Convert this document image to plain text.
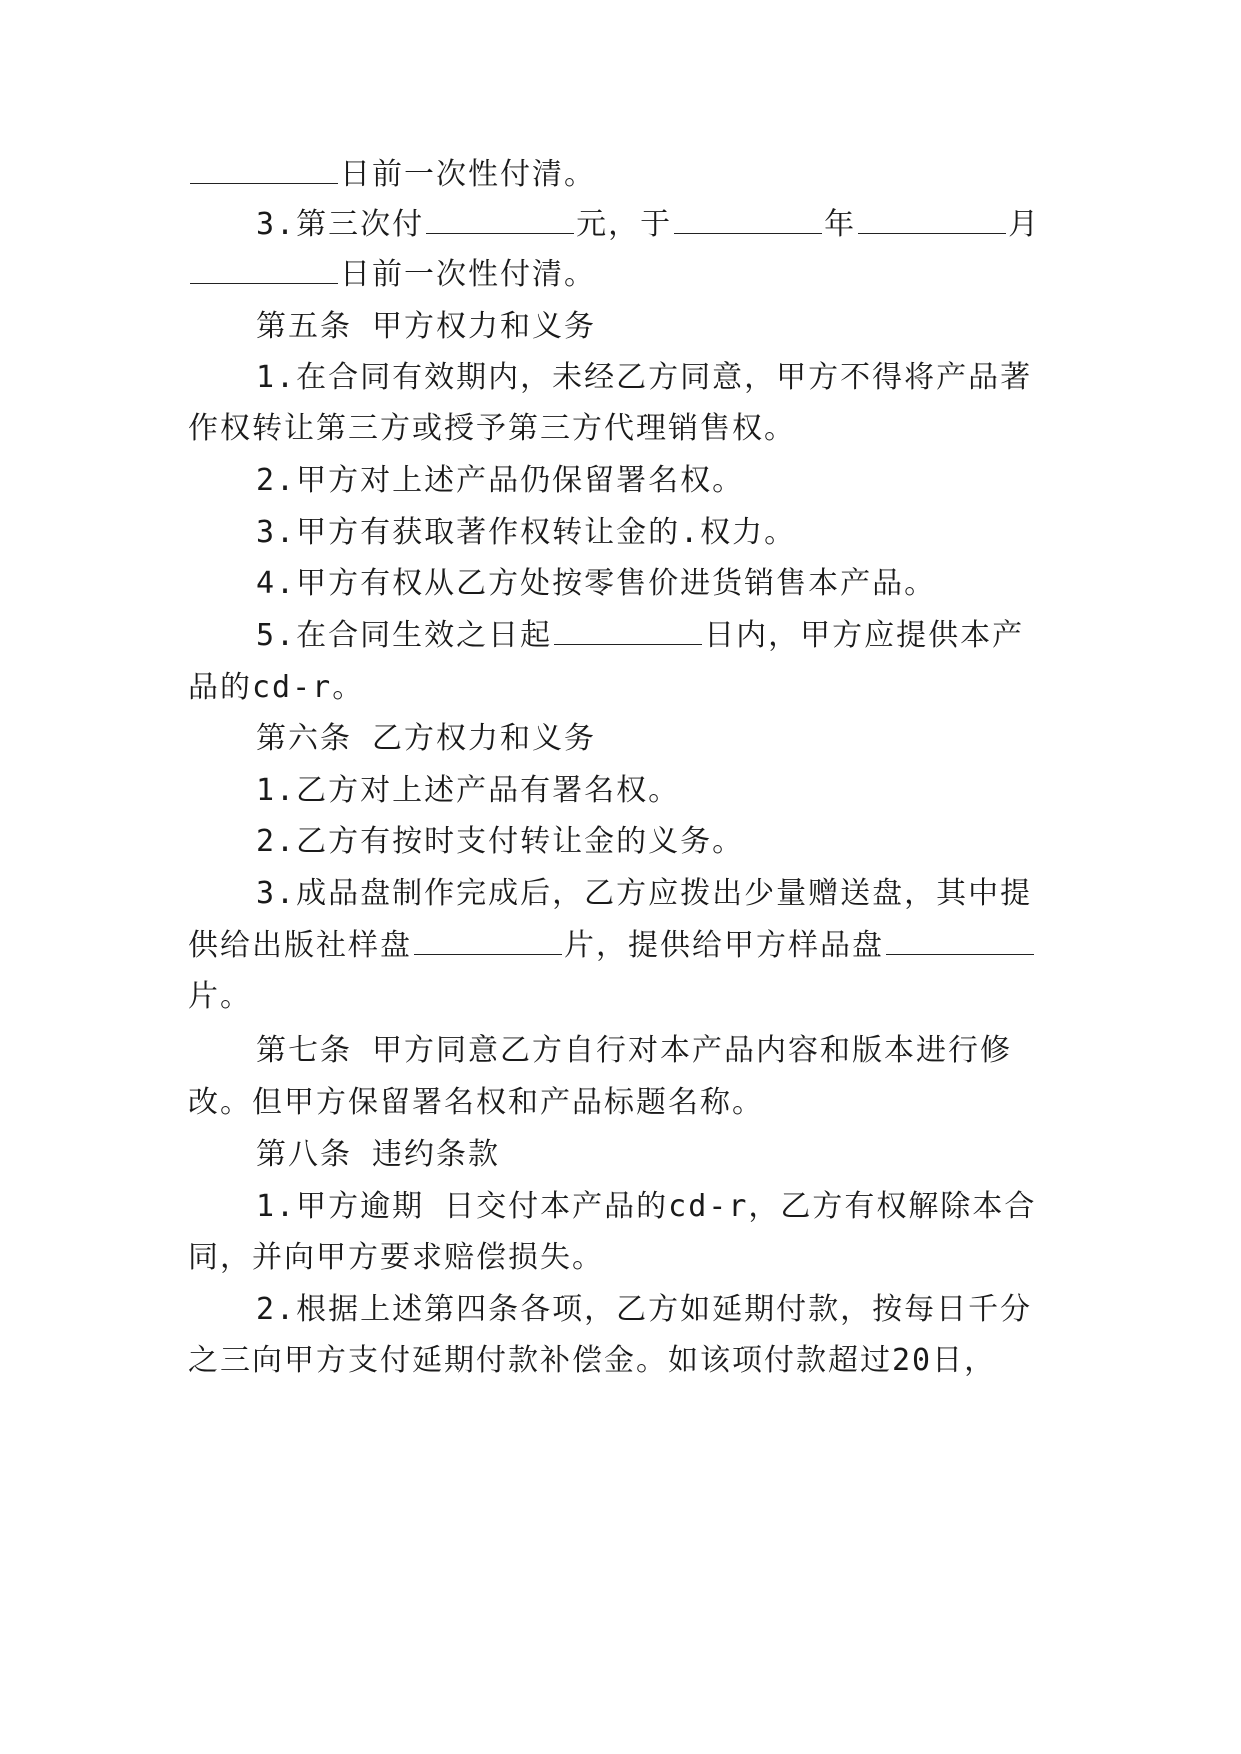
日前一次性付清。
3.第三次付	元，于	年	月
日前一次性付清。
第五条 甲方权力和义务
1.在合同有效期内，未经乙方同意，甲方不得将产品著
作权转让第三方或授予第三方代理销售权。
2.甲方对上述产品仍保留署名权。
3.甲方有获取著作权转让金的.权力。
4.甲方有权从乙方处按零售价进货销售本产品。
5.在合同生效之日起	日内，甲方应提供本产
品的cd-r。
第六条 乙方权力和义务
1.乙方对上述产品有署名权。
2.乙方有按时支付转让金的义务。
3.成品盘制作完成后，乙方应拨出少量赠送盘，其中提
供给出版社样盘	片，提供给甲方样品盘
片。
第七条 甲方同意乙方自行对本产品内容和版本进行修
改。但甲方保留署名权和产品标题名称。
第八条 违约条款
1.甲方逾期 日交付本产品的cd-r，乙方有权解除本合
同，并向甲方要求赔偿损失。
2.根据上述第四条各项，乙方如延期付款，按每日千分
之三向甲方支付延期付款补偿金。如该项付款超过20日，
